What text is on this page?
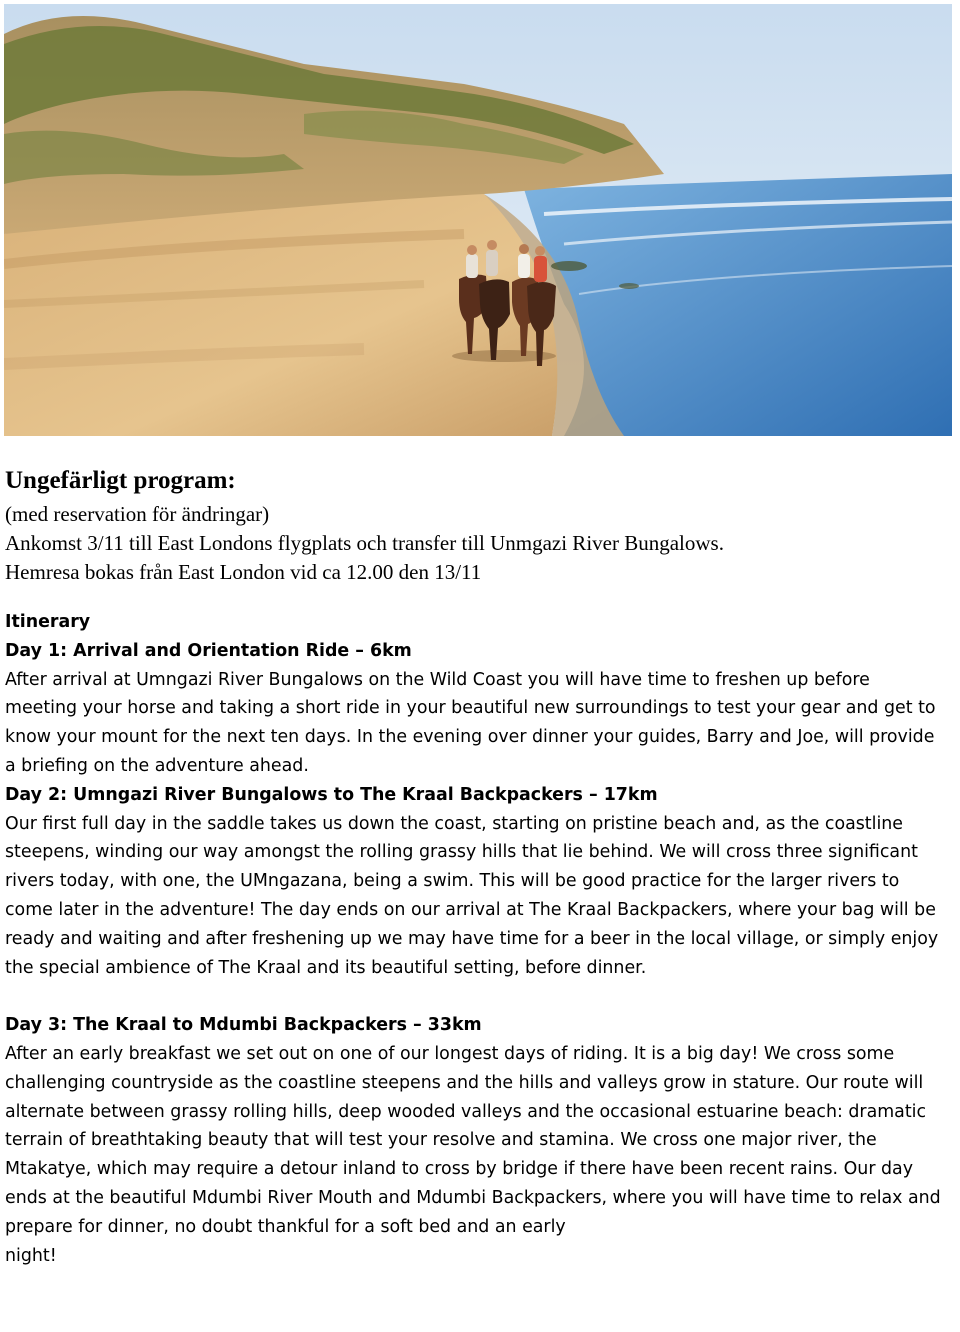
Ungefärligt program:

(med reservation för ändringar)

Ankomst 3/11 till East Londons flygplats och transfer till Unmgazi River Bungalows.

Hemresa bokas från East London vid ca 12.00 den 13/11

Itinerary

Day 1: Arrival and Orientation Ride – 6km

After arrival at Umngazi River Bungalows on the Wild Coast you will have time to freshen up before meeting your horse and taking a short ride in your beautiful new surroundings to test your gear and get to know your mount for the next ten days. In the evening over dinner your guides, Barry and Joe, will provide a briefing on the adventure ahead.

Day 2: Umngazi River Bungalows to The Kraal Backpackers – 17km

Our first full day in the saddle takes us down the coast, starting on pristine beach and, as the coastline steepens, winding our way amongst the rolling grassy hills that lie behind. We will cross three significant rivers today, with one, the UMngazana, being a swim. This will be good practice for the larger rivers to come later in the adventure! The day ends on our arrival at The Kraal Backpackers, where your bag will be ready and waiting and after freshening up we may have time for a beer in the local village, or simply enjoy the special ambience of The Kraal and its beautiful setting, before dinner.

Day 3: The Kraal to Mdumbi Backpackers – 33km

After an early breakfast we set out on one of our longest days of riding. It is a big day! We cross some challenging countryside as the coastline steepens and the hills and valleys grow in stature. Our route will alternate between grassy rolling hills, deep wooded valleys and the occasional estuarine beach: dramatic terrain of breathtaking beauty that will test your resolve and stamina. We cross one major river, the Mtakatye, which may require a detour inland to cross by bridge if there have been recent rains. Our day ends at the beautiful Mdumbi River Mouth and Mdumbi Backpackers, where you will have time to relax and prepare for dinner, no doubt thankful for a soft bed and an early

night!
